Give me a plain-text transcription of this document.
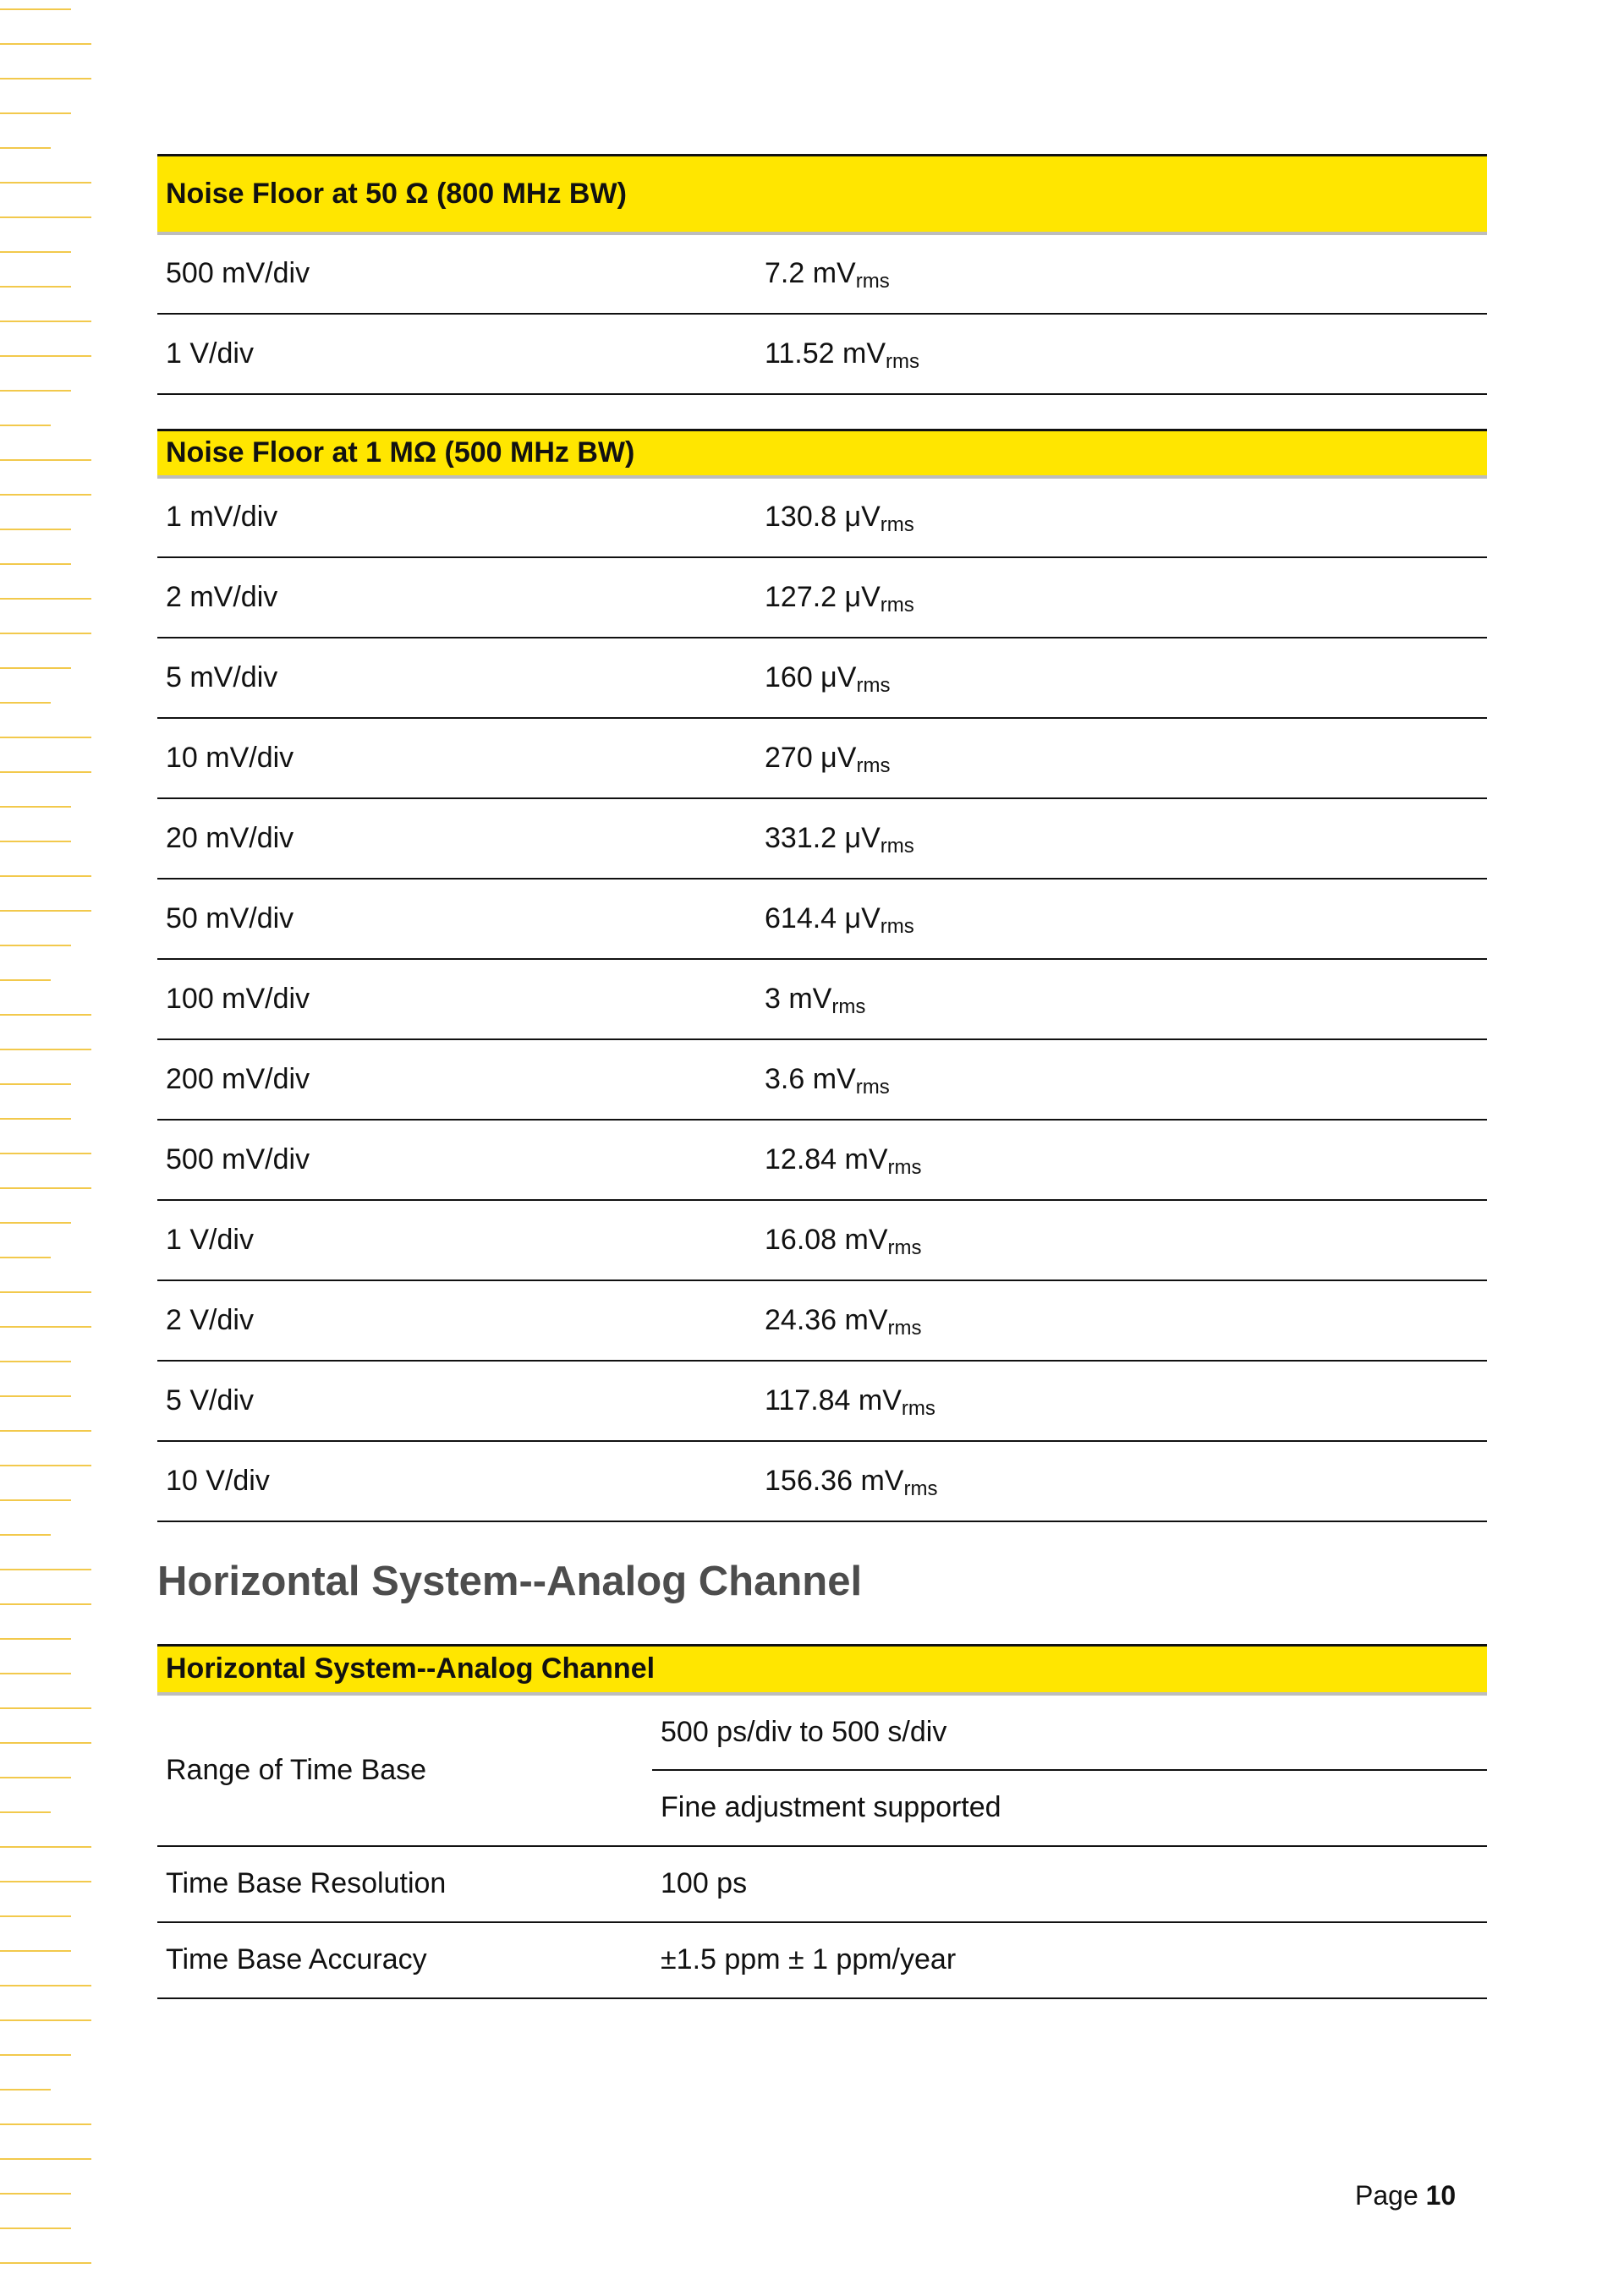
Noise Floor at 50 Ω (800 MHz BW)	
500 mV/div	7.2 $mV_{rms}$
1 V/div	11.52 $mV_{rms}$
Noise Floor at 1 MΩ (500 MHz BW)	
1 mV/div	130.8 $\mu V_{rms}$
2 mV/div	127.2 $\mu V_{rms}$
5 mV/div	160 $\mu V_{rms}$
10 mV/div	270 $\mu V_{rms}$
20 mV/div	331.2 $\mu V_{rms}$
50 mV/div	614.4 $\mu V_{rms}$
100 mV/div	3 $mV_{rms}$
200 mV/div	3.6 $mV_{rms}$
500 mV/div	12.84 $mV_{rms}$
1 V/div	16.08 $mV_{rms}$
2 V/div	24.36 $mV_{rms}$
5 V/div	117.84 $mV_{rms}$
10 V/div	156.36 $mV_{rms}$
Horizontal System--Analog Channel
Horizontal System--Analog Channel	
Range of Time Base	500 ps/div to 500 s/div
	Fine adjustment supported
Time Base Resolution	100 ps
Time Base Accuracy	±1.5 ppm ± 1 ppm/year
Page 10
